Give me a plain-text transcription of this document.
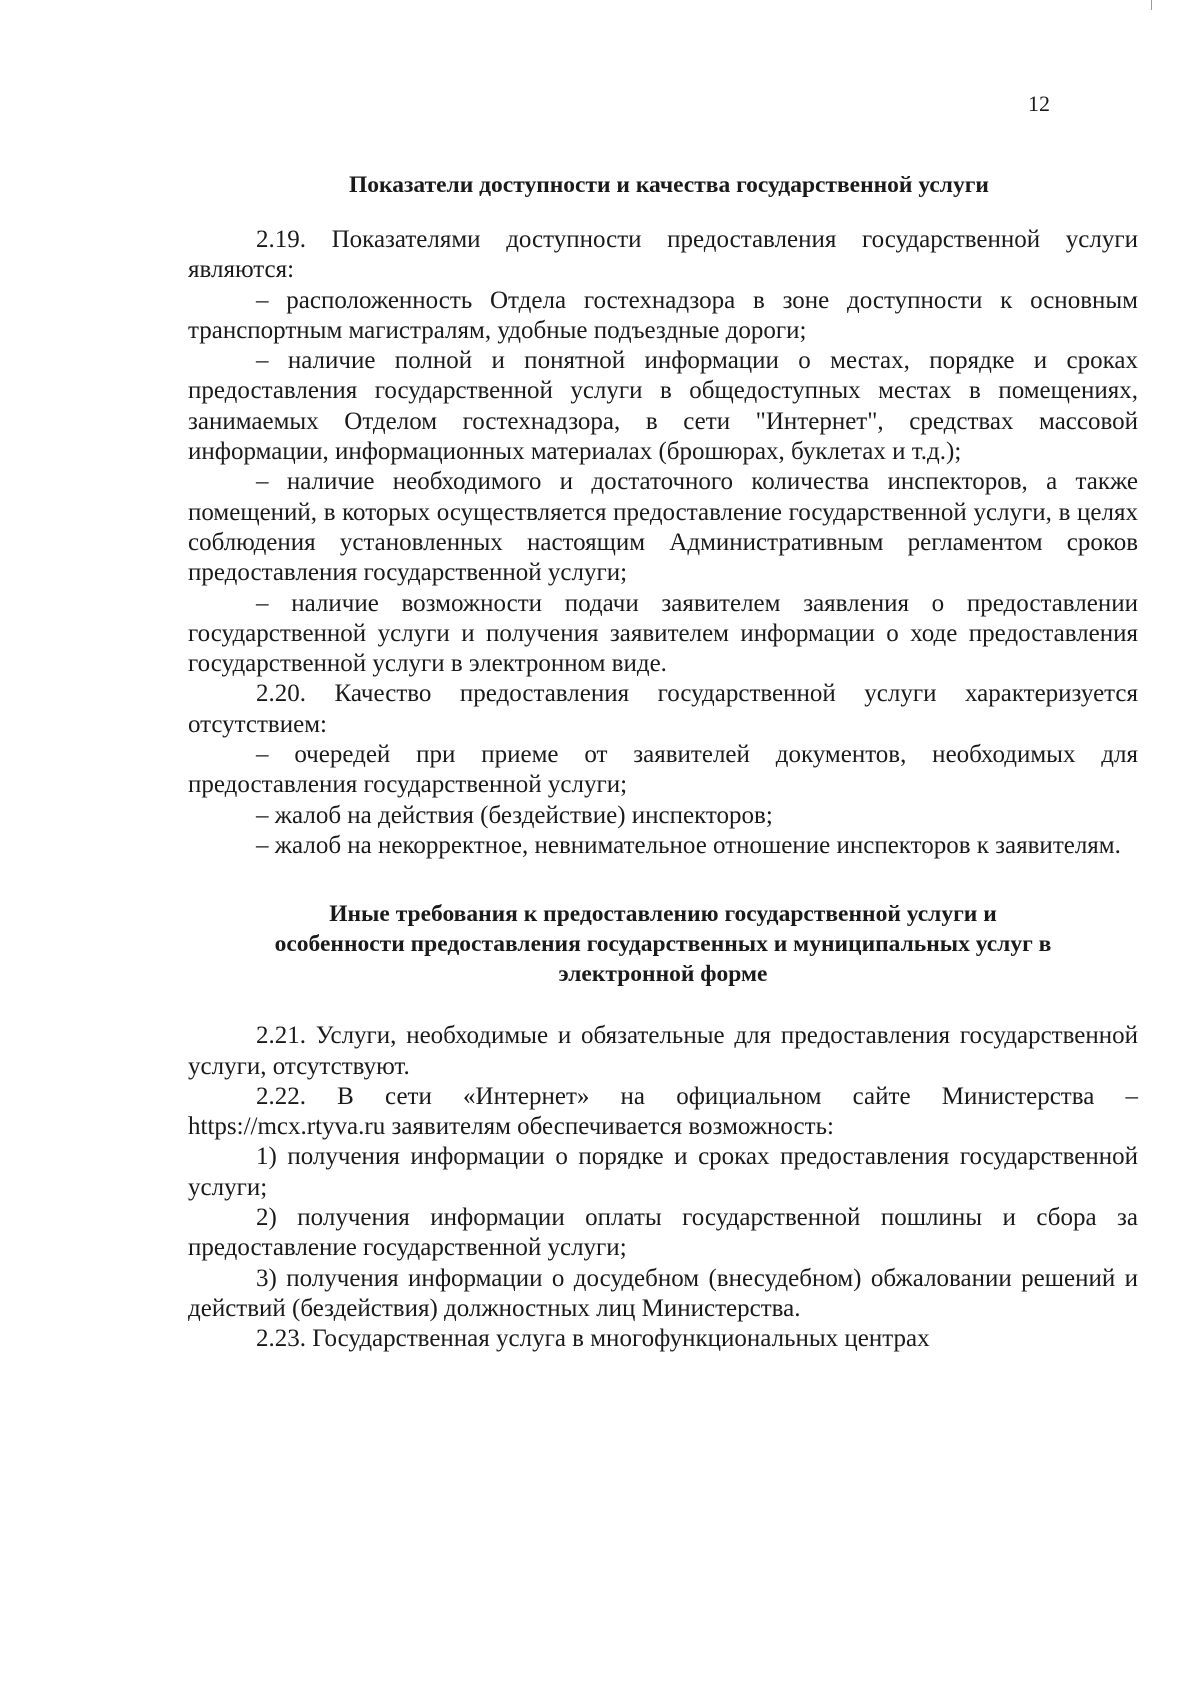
12

Показатели доступности и качества государственной услуги

2.19. Показателями доступности предоставления государственной услуги являются:

– расположенность Отдела гостехнадзора в зоне доступности к основным транспортным магистралям, удобные подъездные дороги;

– наличие полной и понятной информации о местах, порядке и сроках предоставления государственной услуги в общедоступных местах в помещениях, занимаемых Отделом гостехнадзора, в сети "Интернет", средствах массовой информации, информационных материалах (брошюрах, буклетах и т.д.);

– наличие необходимого и достаточного количества инспекторов, а также помещений, в которых осуществляется предоставление государственной услуги, в целях соблюдения установленных настоящим Административным регламентом сроков предоставления государственной услуги;

– наличие возможности подачи заявителем заявления о предоставлении государственной услуги и получения заявителем информации о ходе предоставления государственной услуги в электронном виде.

2.20. Качество предоставления государственной услуги характеризуется отсутствием:

– очередей при приеме от заявителей документов, необходимых для предоставления государственной услуги;

– жалоб на действия (бездействие) инспекторов;

– жалоб на некорректное, невнимательное отношение инспекторов к заявителям.

Иные требования к предоставлению государственной услуги и
особенности предоставления государственных и муниципальных услуг в
электронной форме

2.21. Услуги, необходимые и обязательные для предоставления государственной услуги, отсутствуют.

2.22. В сети «Интернет» на официальном сайте Министерства – https://mcx.rtyva.ru заявителям обеспечивается возможность:

1) получения информации о порядке и сроках предоставления государственной услуги;

2) получения информации оплаты государственной пошлины и сбора за предоставление государственной услуги;

3) получения информации о досудебном (внесудебном) обжаловании решений и действий (бездействия) должностных лиц Министерства.

2.23. Государственная услуга в многофункциональных центрах
